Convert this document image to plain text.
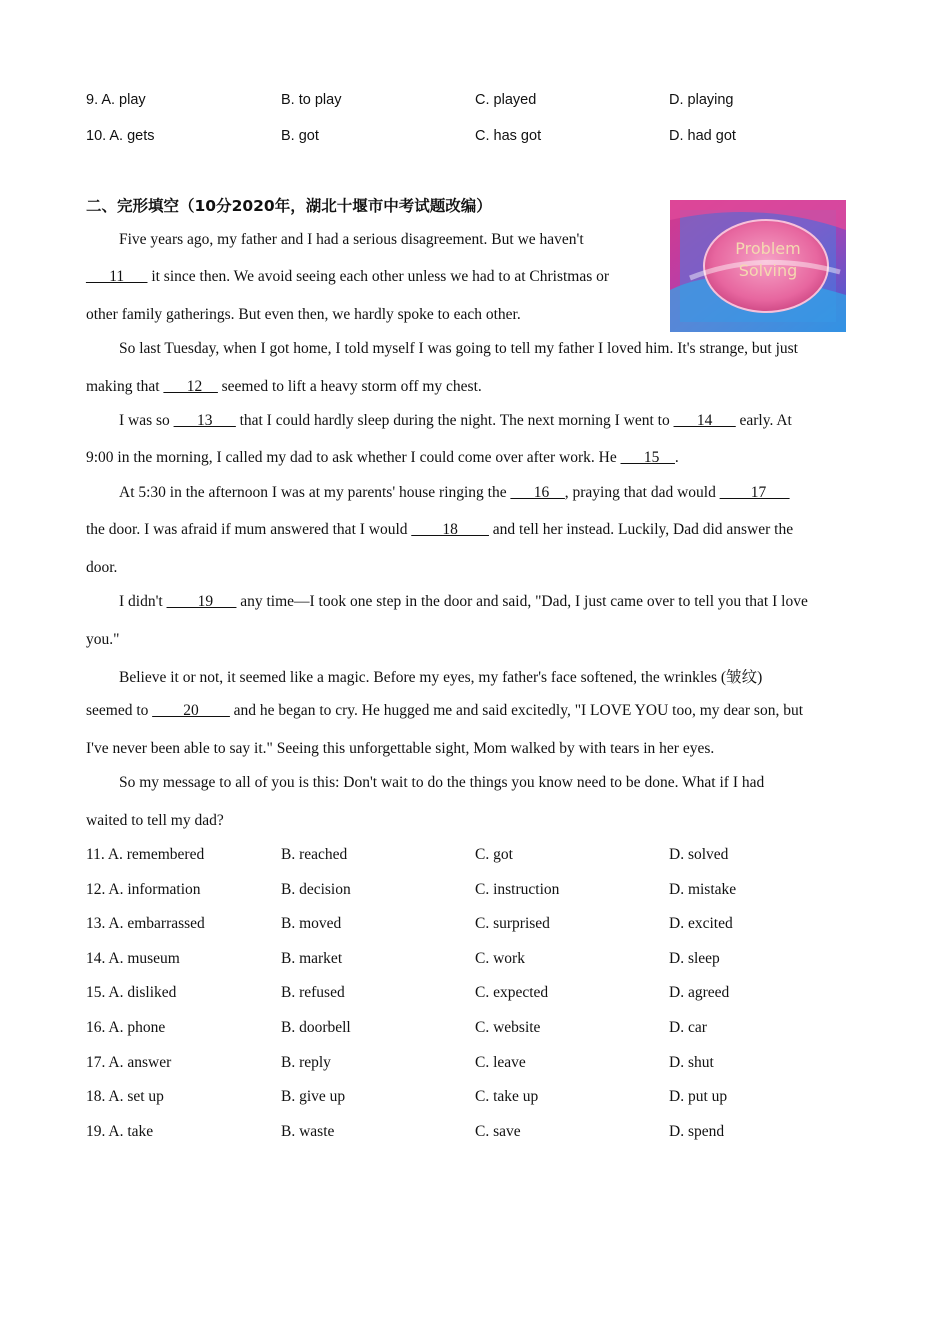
9. A. play	B. to play	C. played	D. playing
10. A. gets	B. got	C. has got	D. had got
二、完形填空（10分2020年，湖北十堰市中考试题改编）
Problem
Solving
Five years ago, my father and I had a serious disagreement. But we haven't
___11___ it since then. We avoid seeing each other unless we had to at Christmas or
other family gatherings. But even then, we hardly spoke to each other.
So last Tuesday, when I got home, I told myself I was going to tell my father I loved him. It's strange, but just
making that ___12__ seemed to lift a heavy storm off my chest.
I was so ___13___ that I could hardly sleep during the night. The next morning I went to ___14___ early. At
9:00 in the morning, I called my dad to ask whether I could come over after work. He ___15__.
At 5:30 in the afternoon I was at my parents' house ringing the ___16__, praying that dad would ____17___
the door. I was afraid if mum answered that I would ____18____ and tell her instead. Luckily, Dad did answer the
door.
I didn't ____19___ any time—I took one step in the door and said, "Dad, I just came over to tell you that I love
you."
Believe it or not, it seemed like a magic. Before my eyes, my father's face softened, the wrinkles (皱纹)
seemed to ____20____ and he began to cry. He hugged me and said excitedly, "I LOVE YOU too, my dear son, but
I've never been able to say it." Seeing this unforgettable sight, Mom walked by with tears in her eyes.
So my message to all of you is this: Don't wait to do the things you know need to be done. What if I had
waited to tell my dad?
11. A. remembered	B. reached	C. got	D. solved
12. A. information	B. decision	C. instruction	D. mistake
13. A. embarrassed	B. moved	C. surprised	D. excited
14. A. museum	B. market	C. work	D. sleep
15. A. disliked	B. refused	C. expected	D. agreed
16. A. phone	B. doorbell	C. website	D. car
17. A. answer	B. reply	C. leave	D. shut
18. A. set up	B. give up	C. take up	D. put up
19. A. take	B. waste	C. save	D. spend
